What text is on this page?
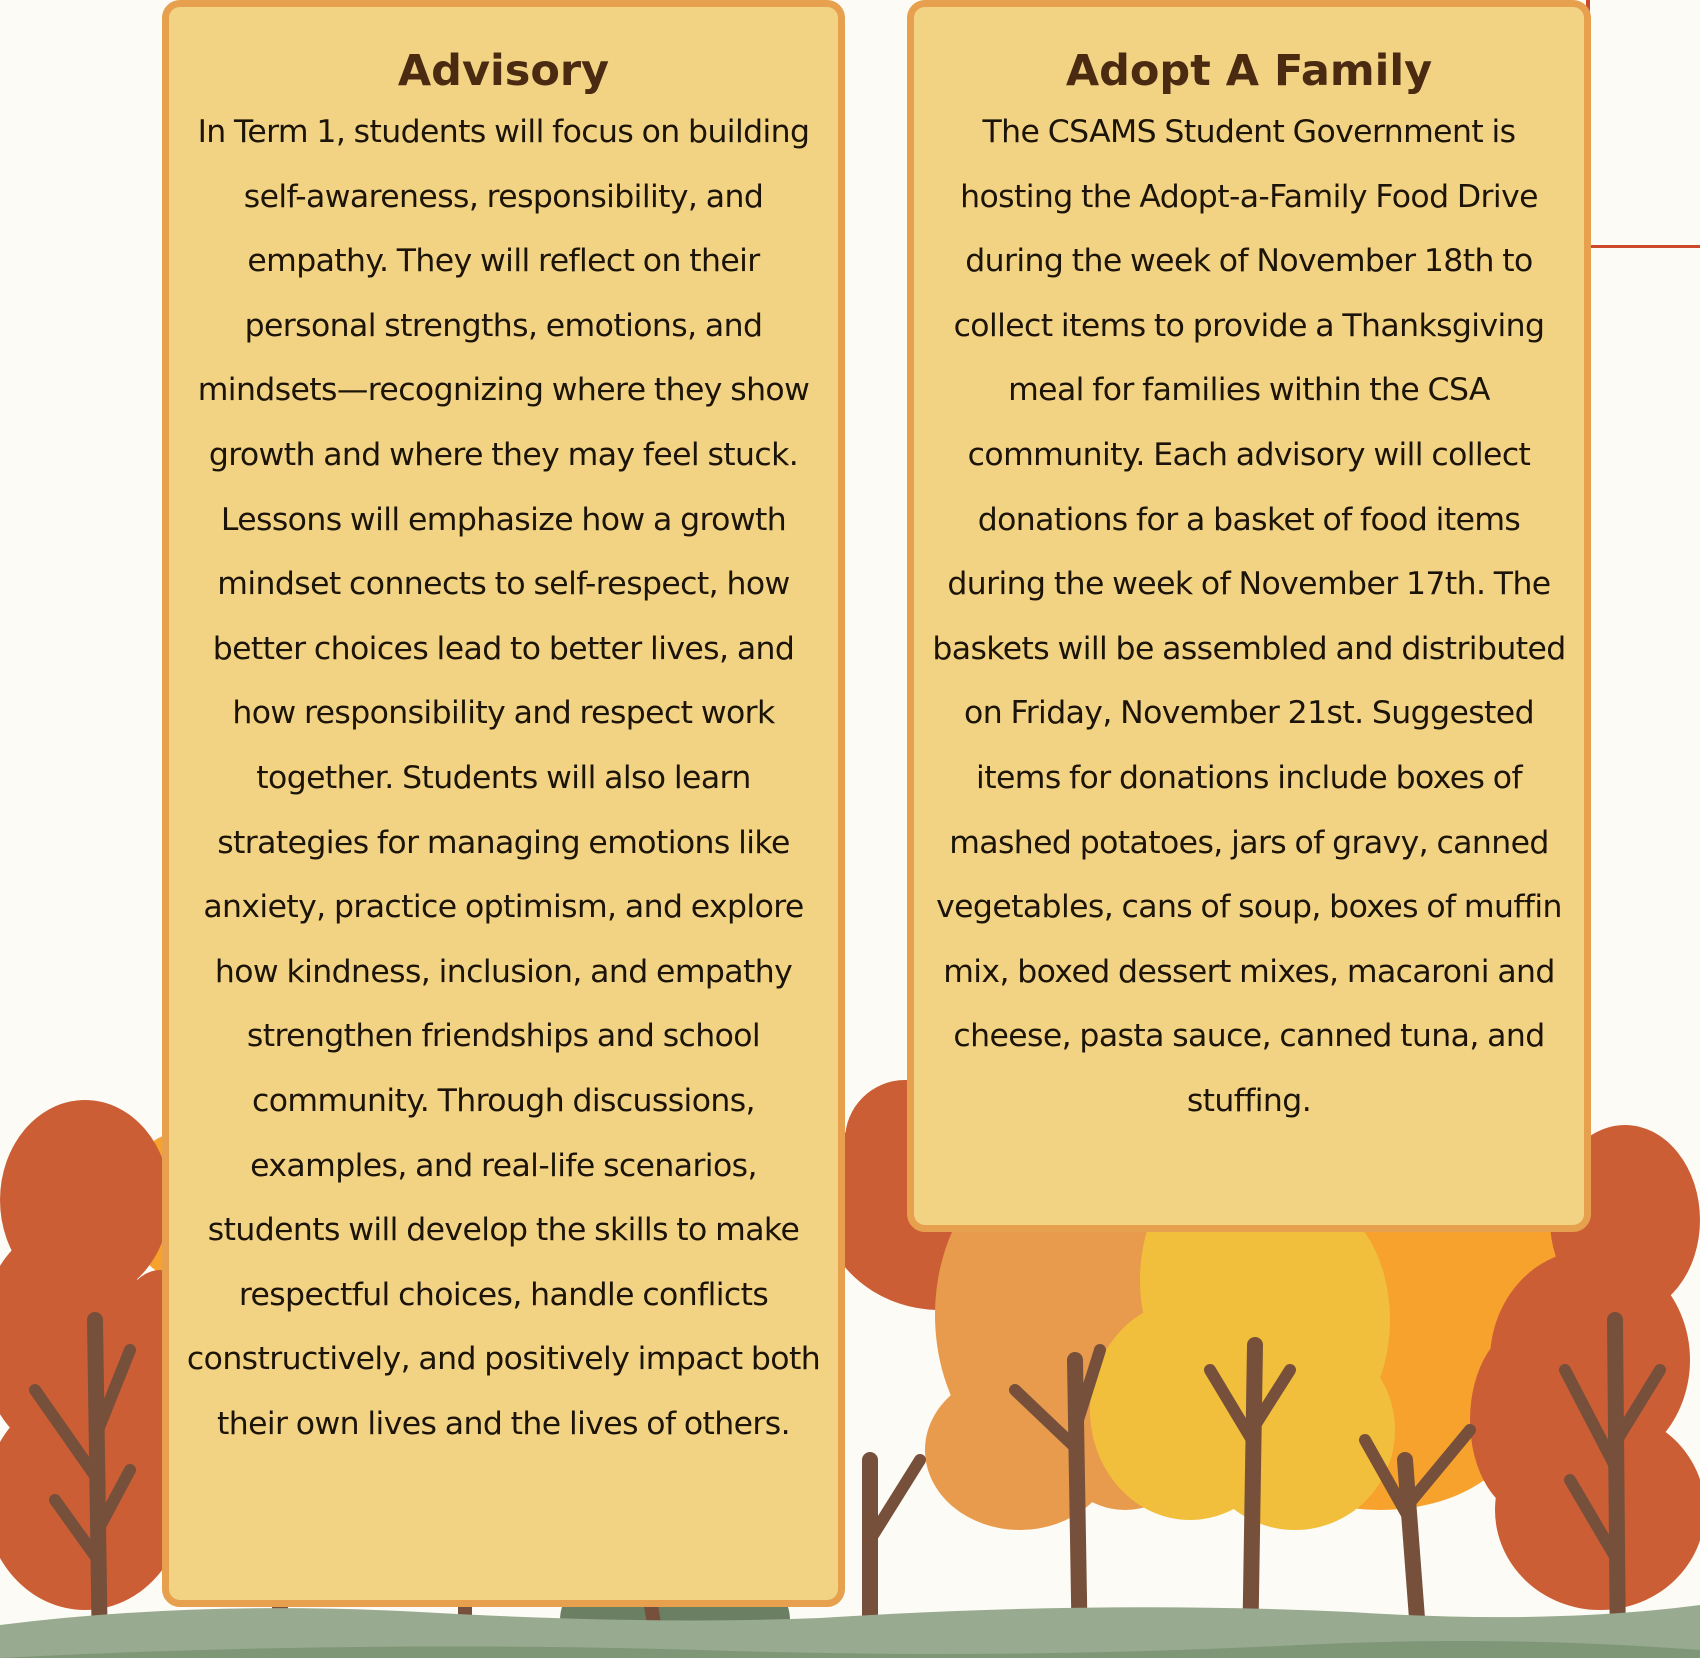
Advisory

In Term 1, students will focus on building self-awareness, responsibility, and empathy. They will reflect on their personal strengths, emotions, and mindsets—recognizing where they show growth and where they may feel stuck. Lessons will emphasize how a growth mindset connects to self-respect, how better choices lead to better lives, and how responsibility and respect work together. Students will also learn strategies for managing emotions like anxiety, practice optimism, and explore how kindness, inclusion, and empathy strengthen friendships and school community. Through discussions, examples, and real-life scenarios, students will develop the skills to make respectful choices, handle conflicts constructively, and positively impact both their own lives and the lives of others.

Adopt A Family

The CSAMS Student Government is hosting the Adopt-a-Family Food Drive during the week of November 18th to collect items to provide a Thanksgiving meal for families within the CSA community. Each advisory will collect donations for a basket of food items during the week of November 17th. The baskets will be assembled and distributed on Friday, November 21st. Suggested items for donations include boxes of mashed potatoes, jars of gravy, canned vegetables, cans of soup, boxes of muffin mix, boxed dessert mixes, macaroni and cheese, pasta sauce, canned tuna, and stuffing.
